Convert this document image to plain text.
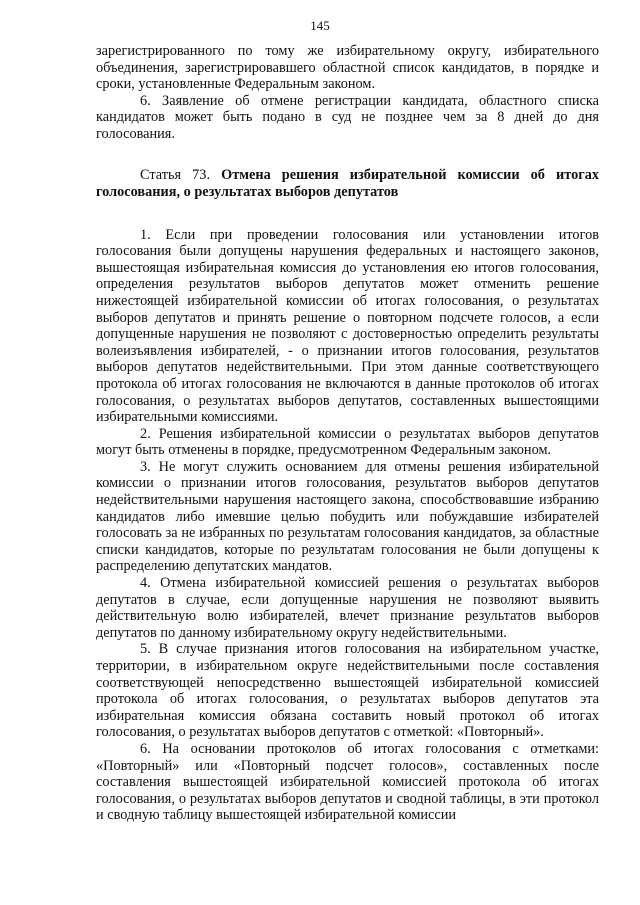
145

зарегистрированного по тому же избирательному округу, избирательного объединения, зарегистрировавшего областной список кандидатов, в порядке и сроки, установленные Федеральным законом.

6. Заявление об отмене регистрации кандидата, областного списка кандидатов может быть подано в суд не позднее чем за 8 дней до дня голосования.

Статья 73. Отмена решения избирательной комиссии об итогах голосования, о результатах выборов депутатов

1. Если при проведении голосования или установлении итогов голосования были допущены нарушения федеральных и настоящего законов, вышестоящая избирательная комиссия до установления ею итогов голосования, определения результатов выборов депутатов может отменить решение нижестоящей избирательной комиссии об итогах голосования, о результатах выборов депутатов и принять решение о повторном подсчете голосов, а если допущенные нарушения не позволяют с достоверностью определить результаты волеизъявления избирателей, - о признании итогов голосования, результатов выборов депутатов недействительными. При этом данные соответствующего протокола об итогах голосования не включаются в данные протоколов об итогах голосования, о результатах выборов депутатов, составленных вышестоящими избирательными комиссиями.

2. Решения избирательной комиссии о результатах выборов депутатов могут быть отменены в порядке, предусмотренном Федеральным законом.

3. Не могут служить основанием для отмены решения избирательной комиссии о признании итогов голосования, результатов выборов депутатов недействительными нарушения настоящего закона, способствовавшие избранию кандидатов либо имевшие целью побудить или побуждавшие избирателей голосовать за не избранных по результатам голосования кандидатов, за областные списки кандидатов, которые по результатам голосования не были допущены к распределению депутатских мандатов.

4. Отмена избирательной комиссией решения о результатах выборов депутатов в случае, если допущенные нарушения не позволяют выявить действительную волю избирателей, влечет признание результатов выборов депутатов по данному избирательному округу недействительными.

5. В случае признания итогов голосования на избирательном участке, территории, в избирательном округе недействительными после составления соответствующей непосредственно вышестоящей избирательной комиссией протокола об итогах голосования, о результатах выборов депутатов эта избирательная комиссия обязана составить новый протокол об итогах голосования, о результатах выборов депутатов с отметкой: «Повторный».

6. На основании протоколов об итогах голосования с отметками: «Повторный» или «Повторный подсчет голосов», составленных после составления вышестоящей избирательной комиссией протокола об итогах голосования, о результатах выборов депутатов и сводной таблицы, в эти протокол и сводную таблицу вышестоящей избирательной комиссии
